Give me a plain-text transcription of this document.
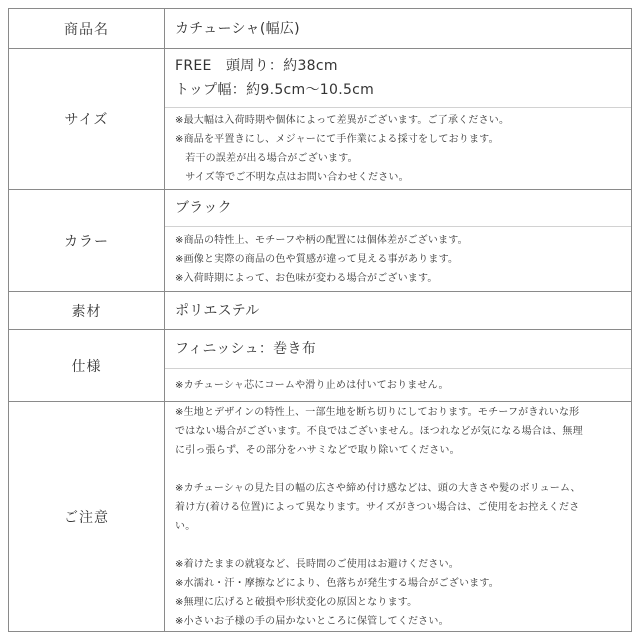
商品名	カチューシャ(幅広)
サイズ
FREE　頭周り：約38cm
トップ幅：約9.5cm～10.5cm
※最大幅は入荷時期や個体によって差異がございます。ご了承ください。
※商品を平置きにし、メジャーにて手作業による採寸をしております。
　若干の誤差が出る場合がございます。
　サイズ等でご不明な点はお問い合わせください。
カラー
ブラック
※商品の特性上、モチーフや柄の配置には個体差がございます。
※画像と実際の商品の色や質感が違って見える事があります。
※入荷時期によって、お色味が変わる場合がございます。
素材	ポリエステル
仕様
フィニッシュ：巻き布
※カチューシャ芯にコームや滑り止めは付いておりません。
ご注意
※生地とデザインの特性上、一部生地を断ち切りにしております。モチーフがきれいな形
ではない場合がございます。不良ではございません。ほつれなどが気になる場合は、無理
に引っ張らず、その部分をハサミなどで取り除いてください。
※カチューシャの見た目の幅の広さや締め付け感などは、頭の大きさや髪のボリューム、
着け方(着ける位置)によって異なります。サイズがきつい場合は、ご使用をお控えくださ
い。
※着けたままの就寝など、長時間のご使用はお避けください。
※水濡れ・汗・摩擦などにより、色落ちが発生する場合がございます。
※無理に広げると破損や形状変化の原因となります。
※小さいお子様の手の届かないところに保管してください。
